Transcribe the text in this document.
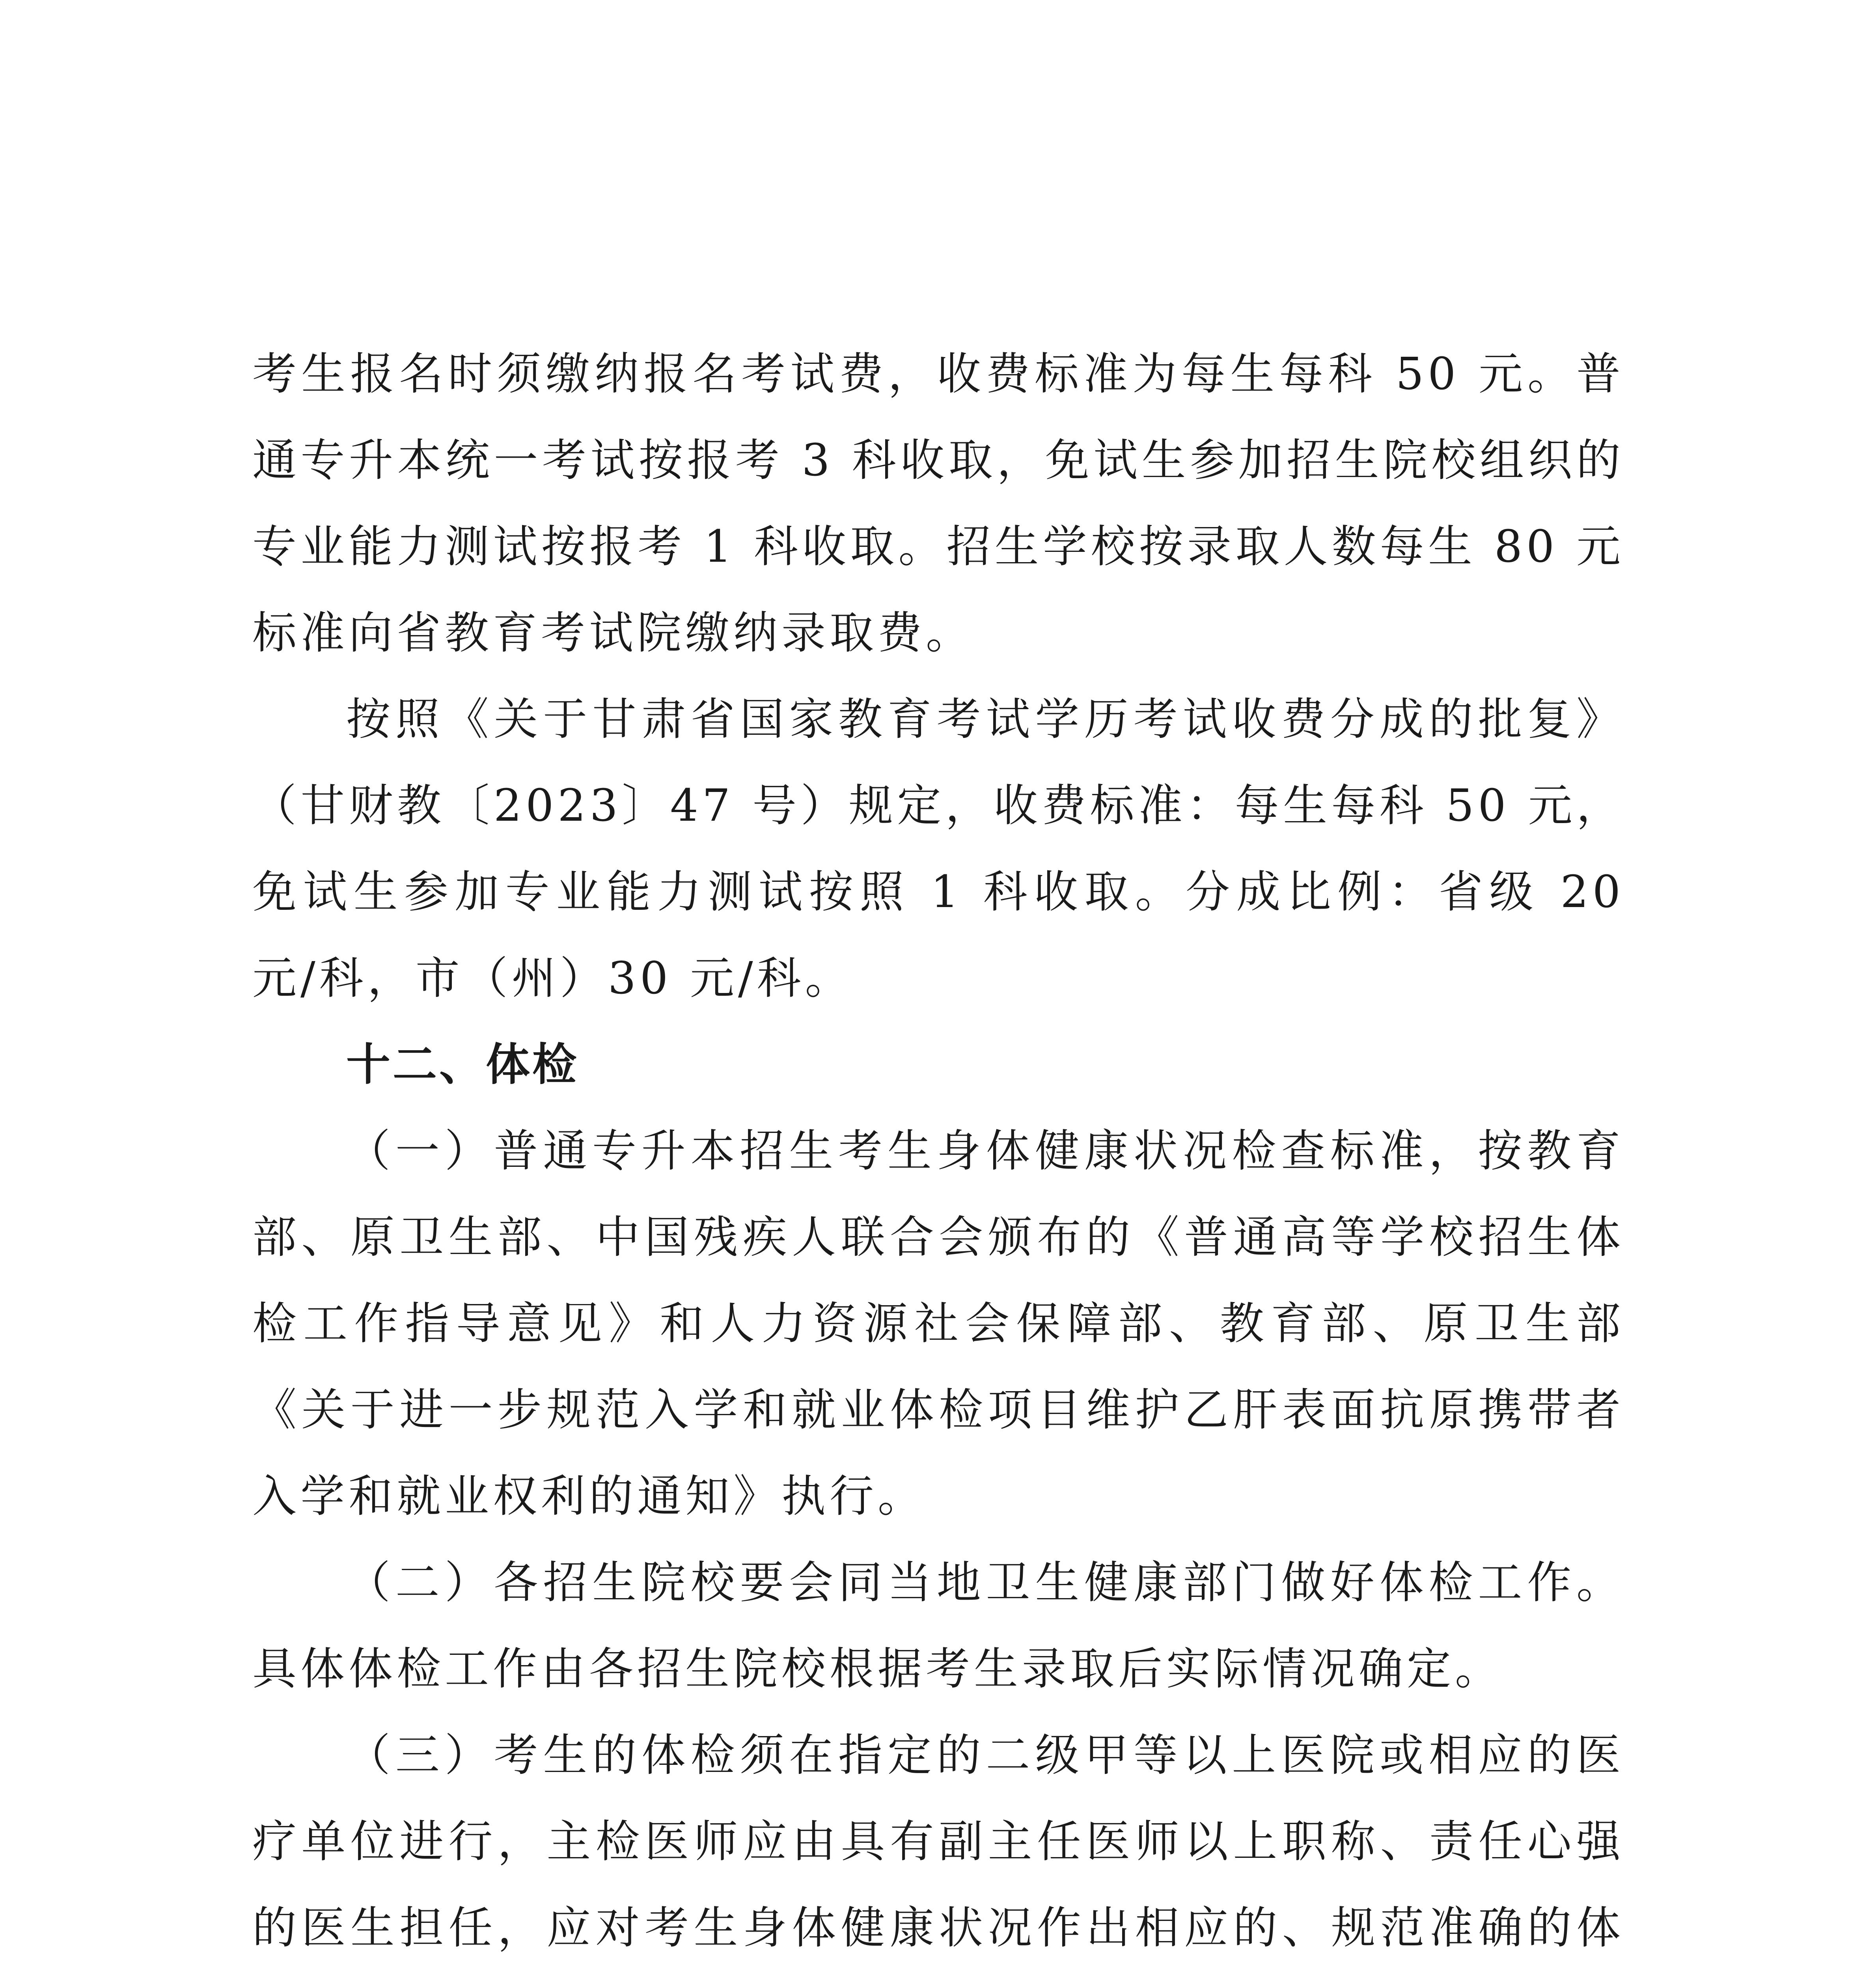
考生报名时须缴纳报名考试费，收费标准为每生每科 50 元。普通专升本统一考试按报考 3 科收取，免试生参加招生院校组织的专业能力测试按报考 1 科收取。招生学校按录取人数每生 80 元标准向省教育考试院缴纳录取费。

按照《关于甘肃省国家教育考试学历考试收费分成的批复》（甘财教〔2023〕47 号）规定，收费标准：每生每科 50 元，免试生参加专业能力测试按照 1 科收取。分成比例：省级 20 元/科，市（州）30 元/科。

十二、体检

（一）普通专升本招生考生身体健康状况检查标准，按教育部、原卫生部、中国残疾人联合会颁布的《普通高等学校招生体检工作指导意见》和人力资源社会保障部、教育部、原卫生部《关于进一步规范入学和就业体检项目维护乙肝表面抗原携带者入学和就业权利的通知》执行。

（二）各招生院校要会同当地卫生健康部门做好体检工作。具体体检工作由各招生院校根据考生录取后实际情况确定。

（三）考生的体检须在指定的二级甲等以上医院或相应的医疗单位进行，主检医师应由具有副主任医师以上职称、责任心强的医生担任，应对考生身体健康状况作出相应的、规范准确的体
